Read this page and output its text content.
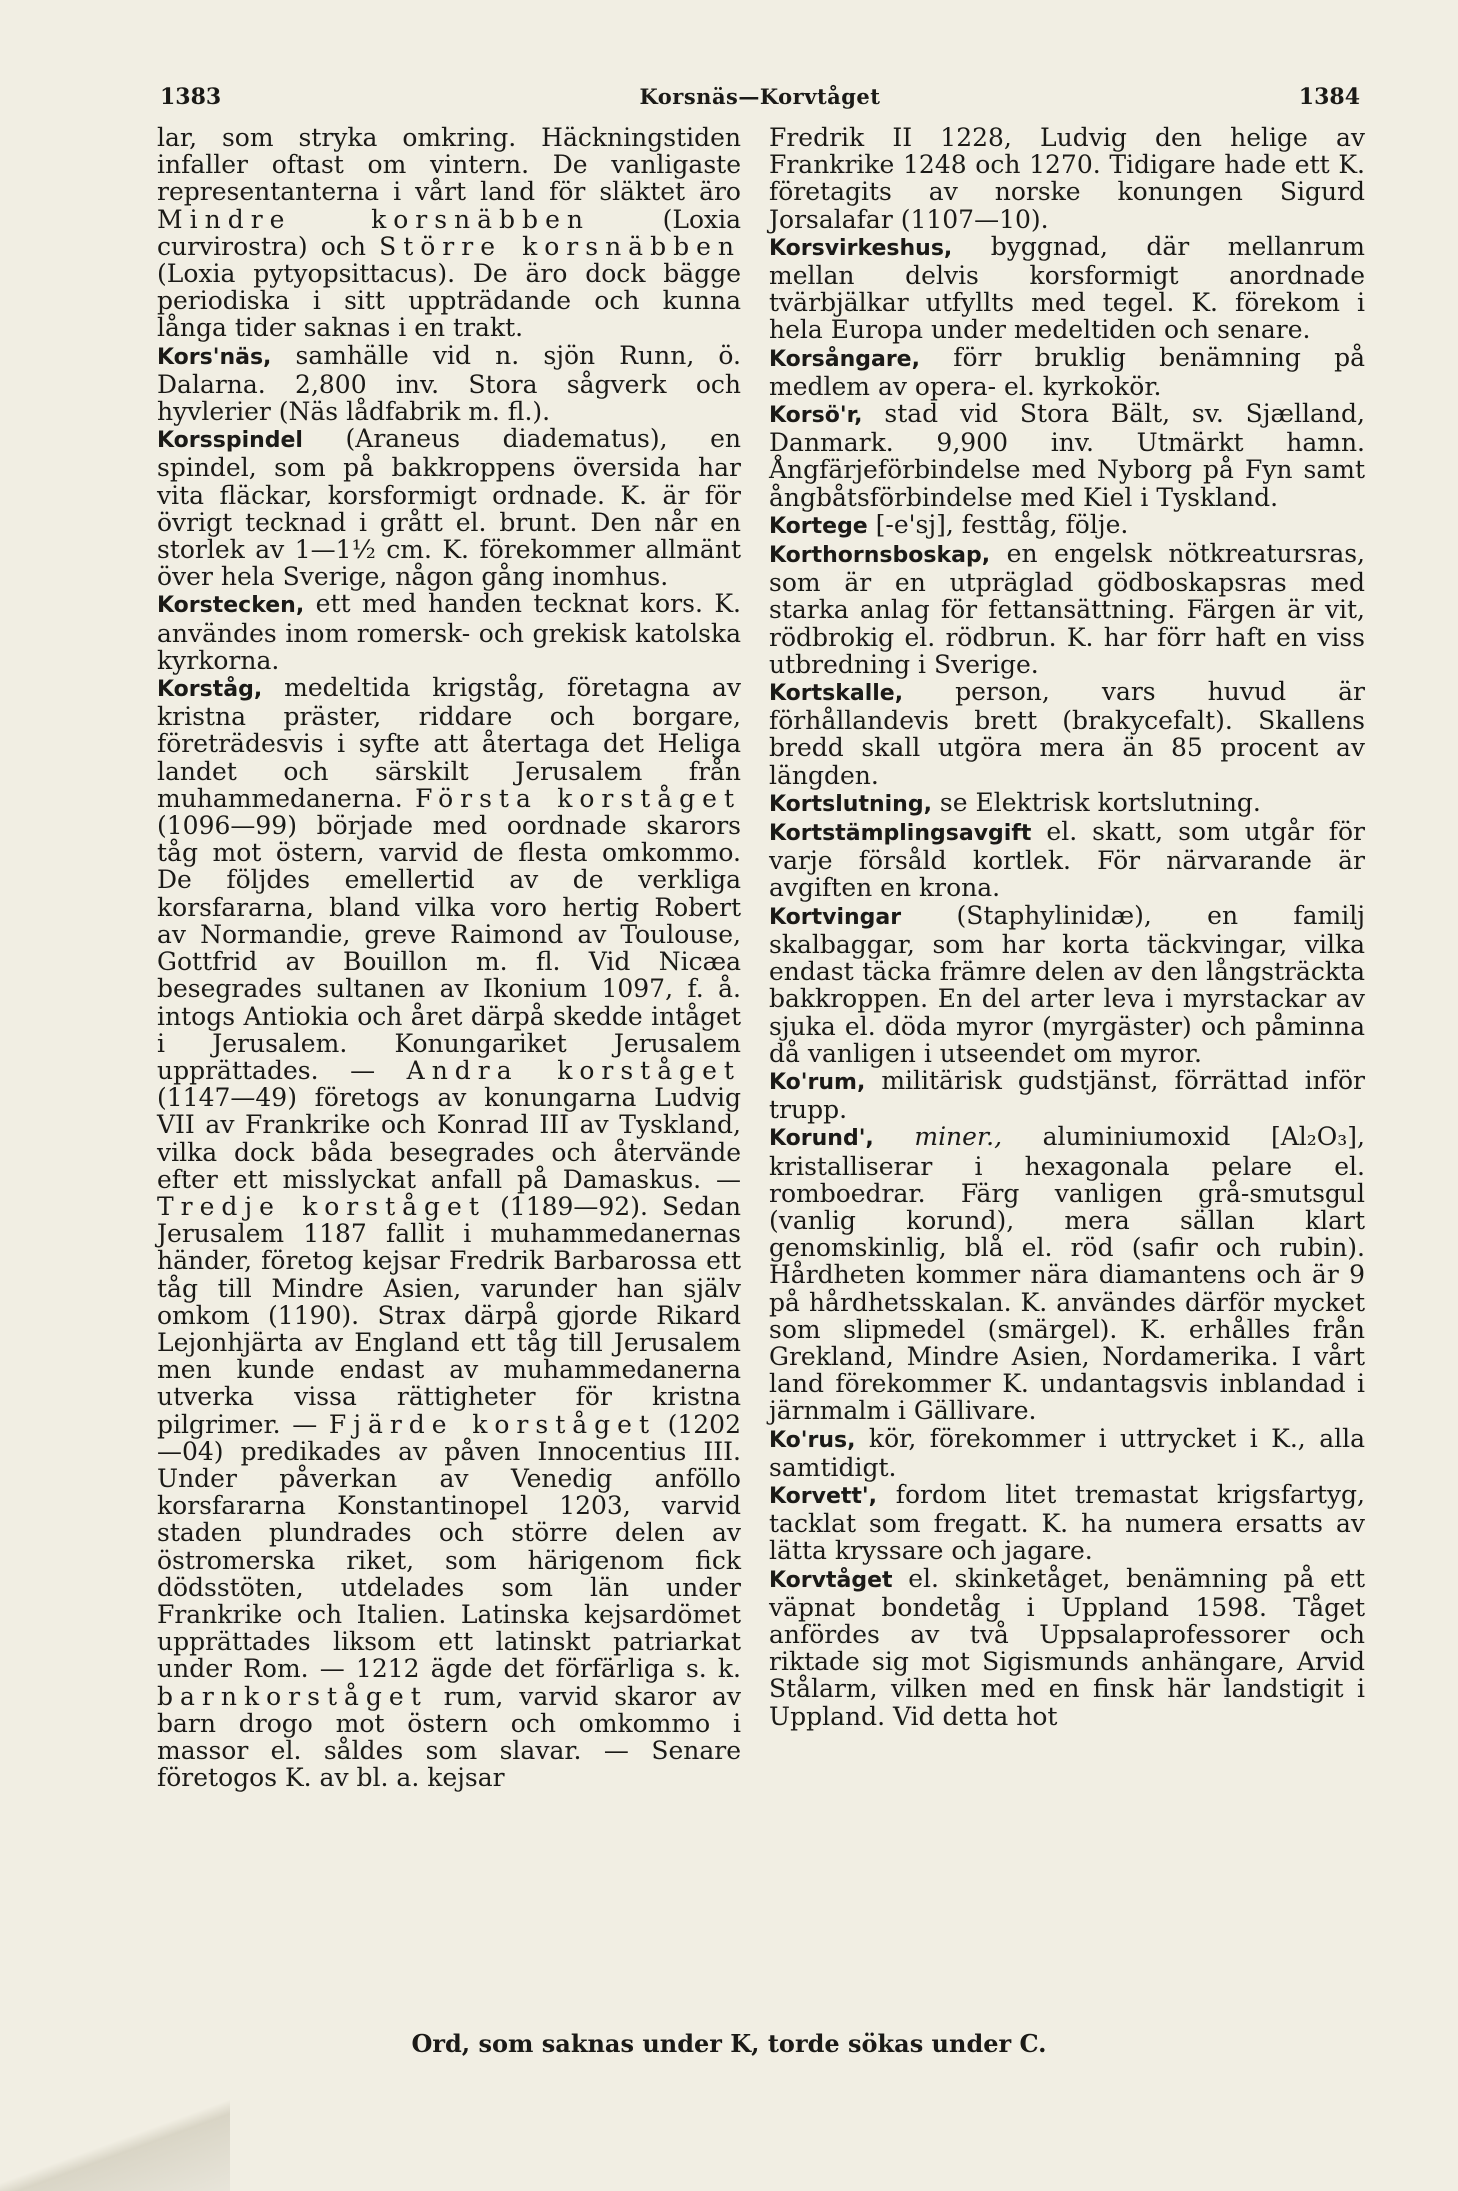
1383	Korsnäs—Korvtåget	1384

lar, som stryka omkring. Häckningstiden infaller oftast om vintern. De vanligaste representanterna i vårt land för släktet äro Mindre korsnäbben (Loxia curvirostra) och Större korsnäbben (Loxia pytyopsittacus). De äro dock bägge periodiska i sitt uppträdande och kunna långa tider saknas i en trakt.

Kors'näs, samhälle vid n. sjön Runn, ö. Dalarna. 2,800 inv. Stora sågverk och hyvlerier (Näs lådfabrik m. fl.).

Korsspindel (Araneus diadematus), en spindel, som på bakkroppens översida har vita fläckar, korsformigt ordnade. K. är för övrigt tecknad i grått el. brunt. Den når en storlek av 1—1½ cm. K. förekommer allmänt över hela Sverige, någon gång inomhus.

Korstecken, ett med handen tecknat kors. K. användes inom romersk- och grekisk katolska kyrkorna.

Korståg, medeltida krigståg, företagna av kristna präster, riddare och borgare, företrädesvis i syfte att återtaga det Heliga landet och särskilt Jerusalem från muhammedanerna. Första korståget (1096—99) började med oordnade skarors tåg mot östern, varvid de flesta omkommo. De följdes emellertid av de verkliga korsfararna, bland vilka voro hertig Robert av Normandie, greve Raimond av Toulouse, Gottfrid av Bouillon m. fl. Vid Nicæa besegrades sultanen av Ikonium 1097, f. å. intogs Antiokia och året därpå skedde intåget i Jerusalem. Konungariket Jerusalem upprättades. — Andra korståget (1147—49) företogs av konungarna Ludvig VII av Frankrike och Konrad III av Tyskland, vilka dock båda besegrades och återvände efter ett misslyckat anfall på Damaskus. — Tredje korståget (1189—92). Sedan Jerusalem 1187 fallit i muhammedanernas händer, företog kejsar Fredrik Barbarossa ett tåg till Mindre Asien, varunder han själv omkom (1190). Strax därpå gjorde Rikard Lejonhjärta av England ett tåg till Jerusalem men kunde endast av muhammedanerna utverka vissa rättigheter för kristna pilgrimer. — Fjärde korståget (1202—04) predikades av påven Innocentius III. Under påverkan av Venedig anföllo korsfararna Konstantinopel 1203, varvid staden plundrades och större delen av östromerska riket, som härigenom fick dödsstöten, utdelades som län under Frankrike och Italien. Latinska kejsardömet upprättades liksom ett latinskt patriarkat under Rom. — 1212 ägde det förfärliga s. k. barnkorståget rum, varvid skaror av barn drogo mot östern och omkommo i massor el. såldes som slavar. — Senare företogos K. av bl. a. kejsar

Fredrik II 1228, Ludvig den helige av Frankrike 1248 och 1270. Tidigare hade ett K. företagits av norske konungen Sigurd Jorsalafar (1107—10).

Korsvirkeshus, byggnad, där mellanrum mellan delvis korsformigt anordnade tvärbjälkar utfyllts med tegel. K. förekom i hela Europa under medeltiden och senare.

Korsångare, förr bruklig benämning på medlem av opera- el. kyrkokör.

Korsö'r, stad vid Stora Bält, sv. Sjælland, Danmark. 9,900 inv. Utmärkt hamn. Ångfärjeförbindelse med Nyborg på Fyn samt ångbåtsförbindelse med Kiel i Tyskland.

Kortege [-e'sj], festtåg, följe.

Korthornsboskap, en engelsk nötkreatursras, som är en utpräglad gödboskapsras med starka anlag för fettansättning. Färgen är vit, rödbrokig el. rödbrun. K. har förr haft en viss utbredning i Sverige.

Kortskalle, person, vars huvud är förhållandevis brett (brakycefalt). Skallens bredd skall utgöra mera än 85 procent av längden.

Kortslutning, se Elektrisk kortslutning.

Kortstämplingsavgift el. skatt, som utgår för varje försåld kortlek. För närvarande är avgiften en krona.

Kortvingar (Staphylinidæ), en familj skalbaggar, som har korta täckvingar, vilka endast täcka främre delen av den långsträckta bakkroppen. En del arter leva i myrstackar av sjuka el. döda myror (myrgäster) och påminna då vanligen i utseendet om myror.

Ko'rum, militärisk gudstjänst, förrättad inför trupp.

Korund', miner., aluminiumoxid [Al₂O₃], kristalliserar i hexagonala pelare el. romboedrar. Färg vanligen grå-smutsgul (vanlig korund), mera sällan klart genomskinlig, blå el. röd (safir och rubin). Hårdheten kommer nära diamantens och är 9 på hårdhetsskalan. K. användes därför mycket som slipmedel (smärgel). K. erhålles från Grekland, Mindre Asien, Nordamerika. I vårt land förekommer K. undantagsvis inblandad i järnmalm i Gällivare.

Ko'rus, kör, förekommer i uttrycket i K., alla samtidigt.

Korvett', fordom litet tremastat krigsfartyg, tacklat som fregatt. K. ha numera ersatts av lätta kryssare och jagare.

Korvtåget el. skinketåget, benämning på ett väpnat bondetåg i Uppland 1598. Tåget anfördes av två Uppsalaprofessorer och riktade sig mot Sigismunds anhängare, Arvid Stålarm, vilken med en finsk här landstigit i Uppland. Vid detta hot

Ord, som saknas under K, torde sökas under C.
